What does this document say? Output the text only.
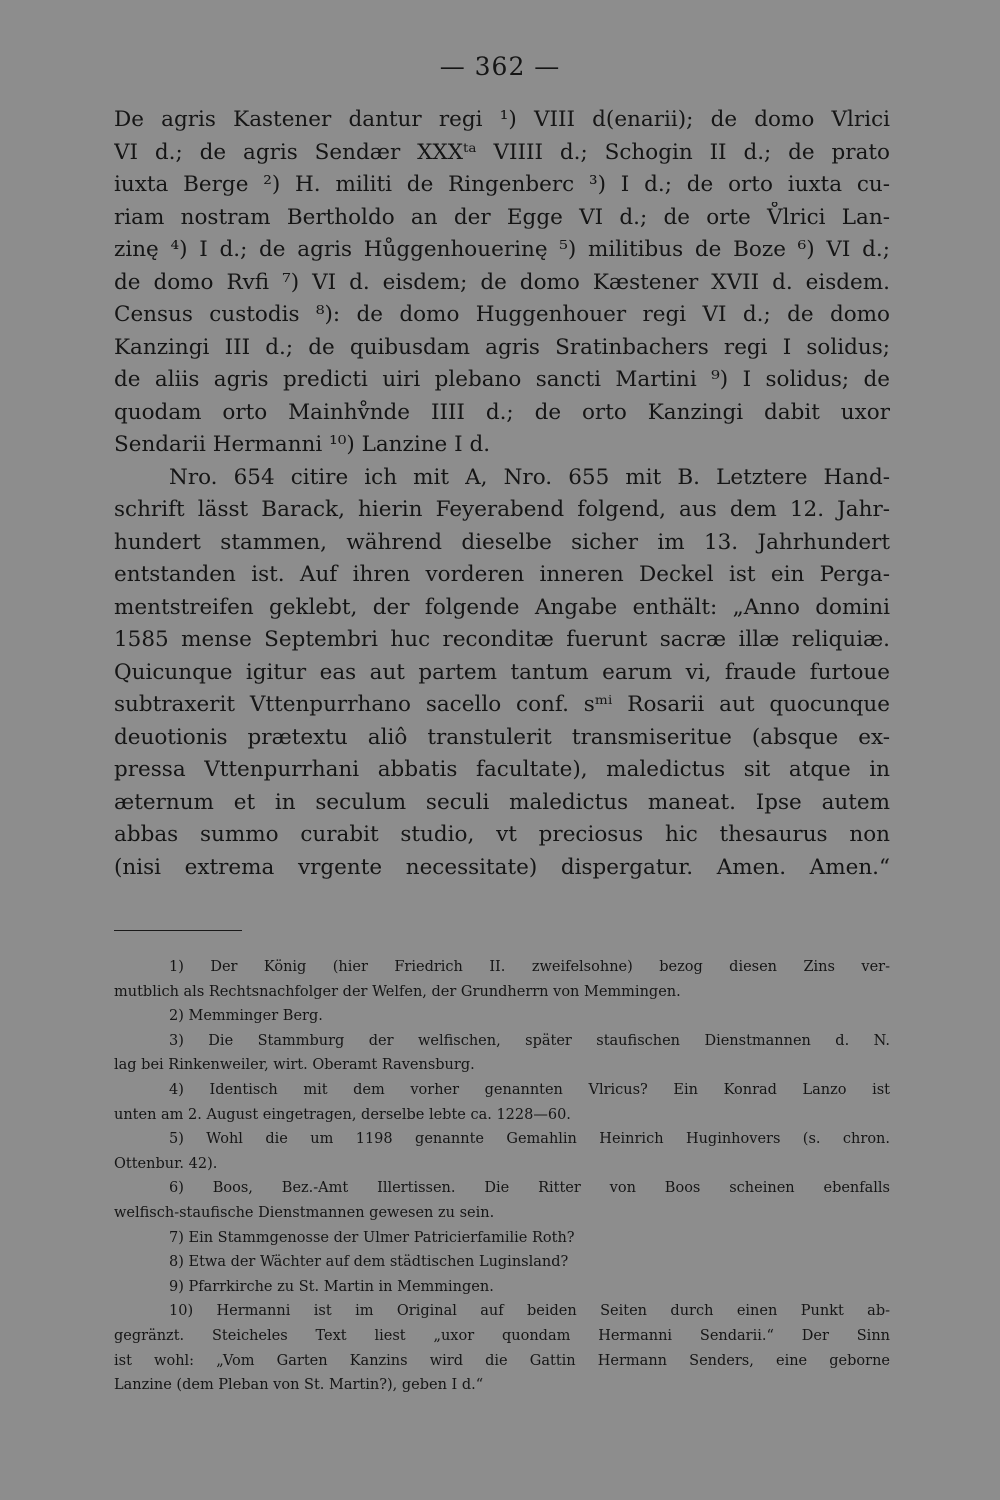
— 362 —
De agris Kastener dantur regi ¹) VIII d(enarii); de domo Vlrici
VI d.; de agris Sendær XXXᵗᵃ VIIII d.; Schogin II d.; de prato
iuxta Berge ²) H. militi de Ringenberc ³) I d.; de orto iuxta cu-
riam nostram Bertholdo an der Egge VI d.; de orte V̊lrici Lan-
zinę ⁴) I d.; de agris Hůggenhouerinę ⁵) militibus de Boze ⁶) VI d.;
de domo Rvfi ⁷) VI d. eisdem; de domo Kæstener XVII d. eisdem.
Census custodis ⁸): de domo Huggenhouer regi VI d.; de domo
Kanzingi III d.; de quibusdam agris Sratinbachers regi I solidus;
de aliis agris predicti uiri plebano sancti Martini ⁹) I solidus; de
quodam orto Mainhv̊nde IIII d.; de orto Kanzingi dabit uxor
Sendarii Hermanni ¹⁰) Lanzine I d.
Nro. 654 citire ich mit A, Nro. 655 mit B. Letztere Hand-
schrift lässt Barack, hierin Feyerabend folgend, aus dem 12. Jahr-
hundert stammen, während dieselbe sicher im 13. Jahrhundert
entstanden ist. Auf ihren vorderen inneren Deckel ist ein Perga-
mentstreifen geklebt, der folgende Angabe enthält: „Anno domini
1585 mense Septembri huc reconditæ fuerunt sacræ illæ reliquiæ.
Quicunque igitur eas aut partem tantum earum vi, fraude furtoue
subtraxerit Vttenpurrhano sacello conf. sᵐⁱ Rosarii aut quocunque
deuotionis prætextu aliô transtulerit transmiseritue (absque ex-
pressa Vttenpurrhani abbatis facultate), maledictus sit atque in
æternum et in seculum seculi maledictus maneat. Ipse autem
abbas summo curabit studio, vt preciosus hic thesaurus non
(nisi extrema vrgente necessitate) dispergatur. Amen. Amen.“
1) Der König (hier Friedrich II. zweifelsohne) bezog diesen Zins ver-
mutblich als Rechtsnachfolger der Welfen, der Grundherrn von Memmingen.
2) Memminger Berg.
3) Die Stammburg der welfischen, später staufischen Dienstmannen d. N.
lag bei Rinkenweiler, wirt. Oberamt Ravensburg.
4) Identisch mit dem vorher genannten Vlricus? Ein Konrad Lanzo ist
unten am 2. August eingetragen, derselbe lebte ca. 1228—60.
5) Wohl die um 1198 genannte Gemahlin Heinrich Huginhovers (s. chron.
Ottenbur. 42).
6) Boos, Bez.-Amt Illertissen. Die Ritter von Boos scheinen ebenfalls
welfisch-staufische Dienstmannen gewesen zu sein.
7) Ein Stammgenosse der Ulmer Patricierfamilie Roth?
8) Etwa der Wächter auf dem städtischen Luginsland?
9) Pfarrkirche zu St. Martin in Memmingen.
10) Hermanni ist im Original auf beiden Seiten durch einen Punkt ab-
gegränzt. Steicheles Text liest „uxor quondam Hermanni Sendarii.“ Der Sinn
ist wohl: „Vom Garten Kanzins wird die Gattin Hermann Senders, eine geborne
Lanzine (dem Pleban von St. Martin?), geben I d.“
